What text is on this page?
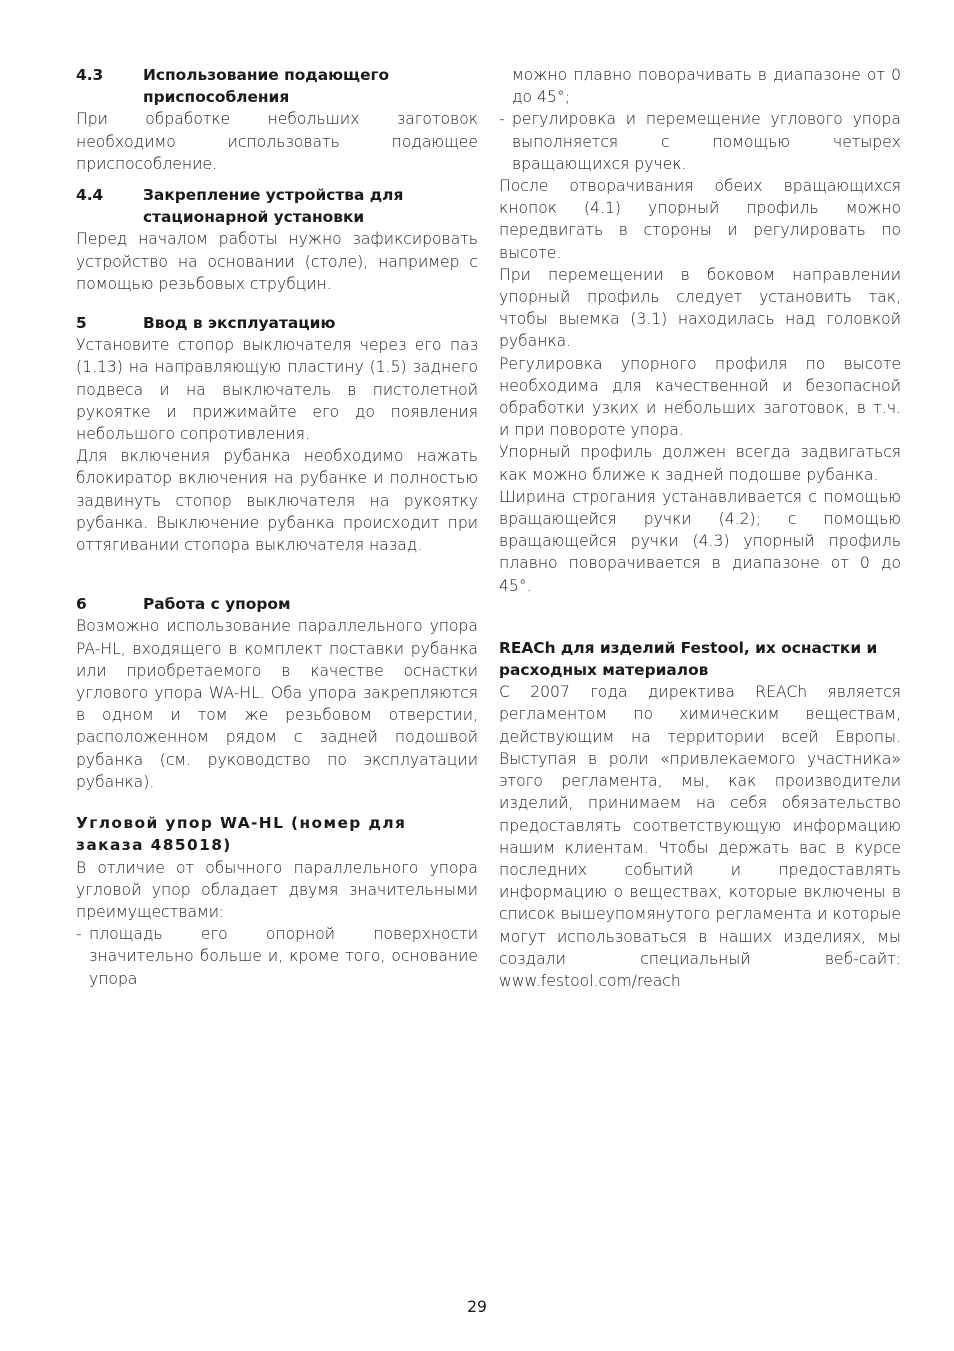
4.3	Использование подающего приспособления

При обработке небольших заготовок необходимо использовать подающее приспособление.

4.4	Закрепление устройства для стационарной установки

Перед началом работы нужно зафиксировать устройство на основании (столе), например с помощью резьбовых струбцин.

5	Ввод в эксплуатацию

Установите стопор выключателя через его паз (1.13) на направляющую пластину (1.5) заднего подвеса и на выключатель в пистолетной рукоятке и прижимайте его до появления небольшого сопротивления.

Для включения рубанка необходимо нажать блокиратор включения на рубанке и полностью задвинуть стопор выключателя на рукоятку рубанка. Выключение рубанка происходит при оттягивании стопора выключателя назад.

6	Работа с упором

Возможно использование параллельного упора PA-HL, входящего в комплект поставки рубанка или приобретаемого в качестве оснастки углового упора WA-HL. Оба упора закрепляются в одном и том же резьбовом отверстии, расположенном рядом с задней подошвой рубанка (см. руководство по эксплуатации рубанка).

Угловой упор WA-HL (номер для заказа 485018)

В отличие от обычного параллельного упора угловой упор обладает двумя значительными преимуществами:

- площадь его опорной поверхности значительно больше и, кроме того, основание упора
можно плавно поворачивать в диапазоне от 0 до 45°;
- регулировка и перемещение углового упора выполняется с помощью четырех вращающихся ручек.

После отворачивания обеих вращающихся кнопок (4.1) упорный профиль можно передвигать в стороны и регулировать по высоте.

При перемещении в боковом направлении упорный профиль следует установить так, чтобы выемка (3.1) находилась над головкой рубанка.

Регулировка упорного профиля по высоте необходима для качественной и безопасной обработки узких и небольших заготовок, в т.ч. и при повороте упора.

Упорный профиль должен всегда задвигаться как можно ближе к задней подошве рубанка.

Ширина строгания устанавливается с помощью вращающейся ручки (4.2); с помощью вращающейся ручки (4.3) упорный профиль плавно поворачивается в диапазоне от 0 до 45°.

REACh для изделий Festool, их оснастки и расходных материалов

С 2007 года директива REACh является регламентом по химическим веществам, действующим на территории всей Европы. Выступая в роли «привлекаемого участника» этого регламента, мы, как производители изделий, принимаем на себя обязательство предоставлять соответствующую информацию нашим клиентам. Чтобы держать вас в курсе последних событий и предоставлять информацию о веществах, которые включены в список вышеупомянутого регламента и которые могут использоваться в наших изделиях, мы создали специальный веб-сайт: www.festool.com/reach

29
